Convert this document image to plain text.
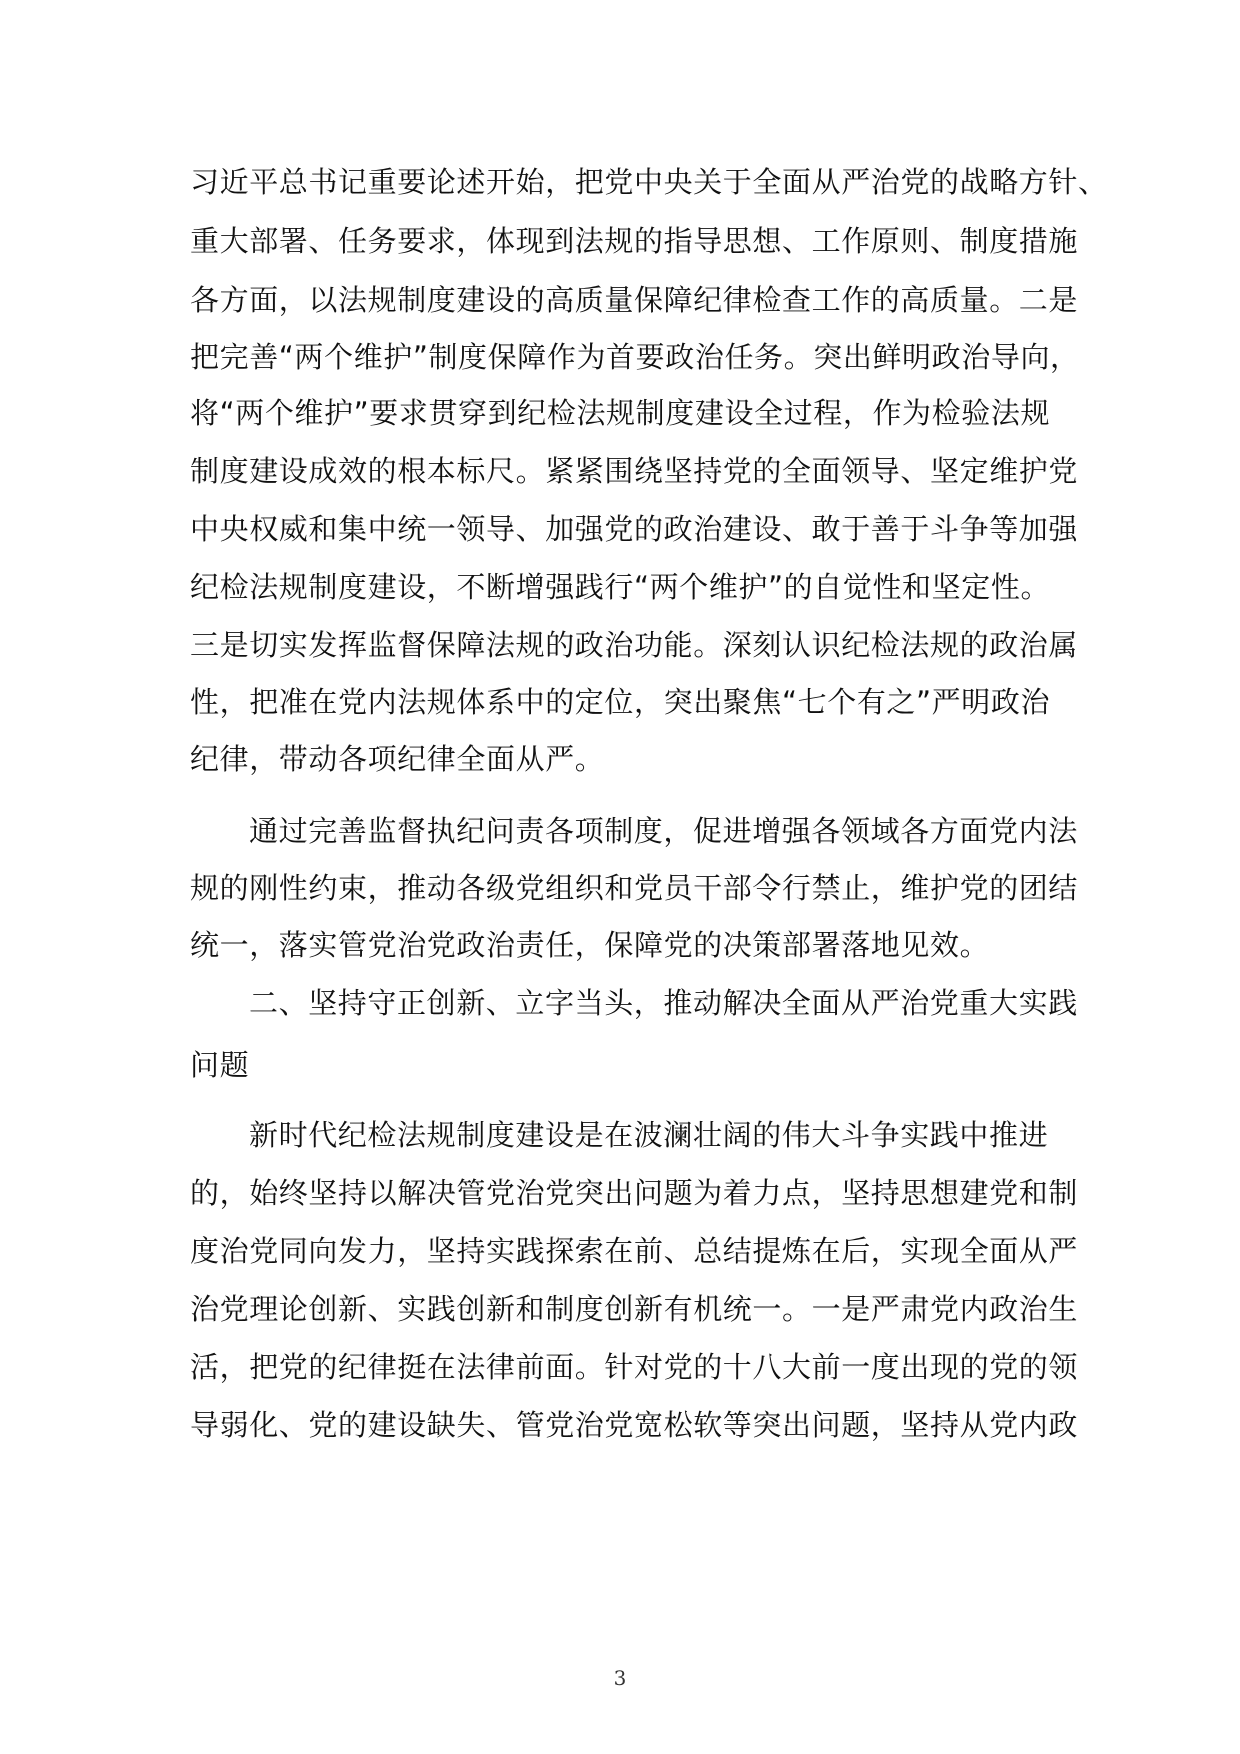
习近平总书记重要论述开始，把党中央关于全面从严治党的战略方针、
重大部署、任务要求，体现到法规的指导思想、工作原则、制度措施
各方面，以法规制度建设的高质量保障纪律检查工作的高质量。二是
把完善“两个维护”制度保障作为首要政治任务。突出鲜明政治导向，
将“两个维护”要求贯穿到纪检法规制度建设全过程，作为检验法规
制度建设成效的根本标尺。紧紧围绕坚持党的全面领导、坚定维护党
中央权威和集中统一领导、加强党的政治建设、敢于善于斗争等加强
纪检法规制度建设，不断增强践行“两个维护”的自觉性和坚定性。
三是切实发挥监督保障法规的政治功能。深刻认识纪检法规的政治属
性，把准在党内法规体系中的定位，突出聚焦“七个有之”严明政治
纪律，带动各项纪律全面从严。
通过完善监督执纪问责各项制度，促进增强各领域各方面党内法
规的刚性约束，推动各级党组织和党员干部令行禁止，维护党的团结
统一，落实管党治党政治责任，保障党的决策部署落地见效。
二、坚持守正创新、立字当头，推动解决全面从严治党重大实践
问题
新时代纪检法规制度建设是在波澜壮阔的伟大斗争实践中推进
的，始终坚持以解决管党治党突出问题为着力点，坚持思想建党和制
度治党同向发力，坚持实践探索在前、总结提炼在后，实现全面从严
治党理论创新、实践创新和制度创新有机统一。一是严肃党内政治生
活，把党的纪律挺在法律前面。针对党的十八大前一度出现的党的领
导弱化、党的建设缺失、管党治党宽松软等突出问题，坚持从党内政
3
